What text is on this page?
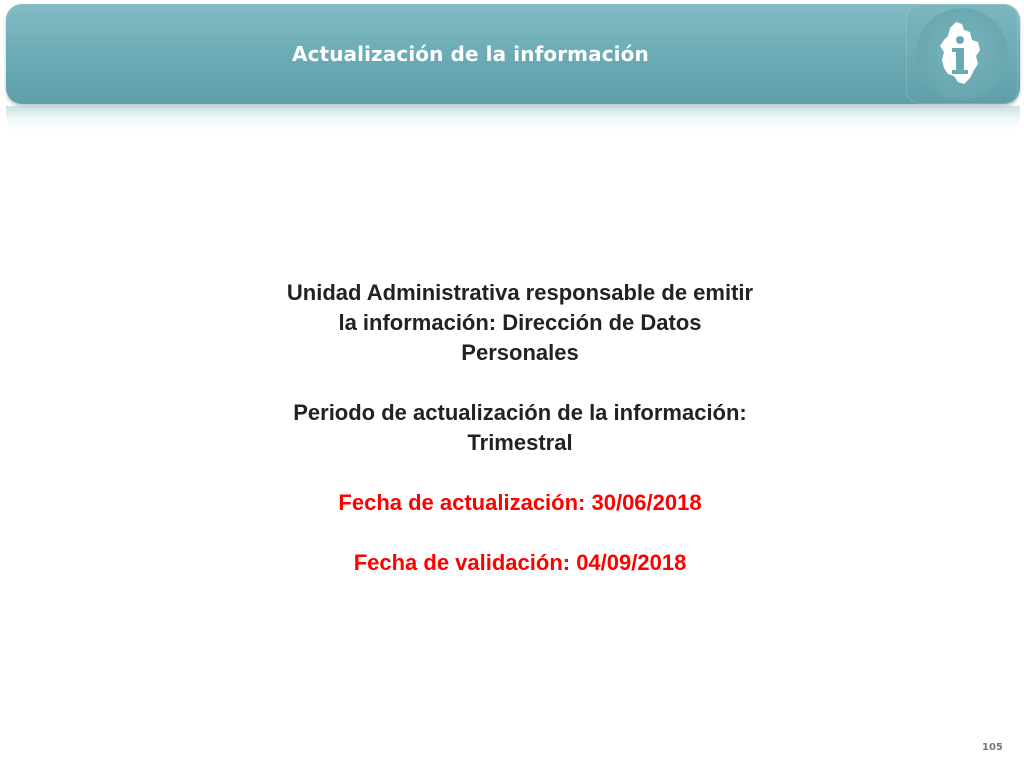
Actualización de la información
Unidad Administrativa responsable de emitir
la información: Dirección de Datos
Personales
Periodo de actualización de la información:
Trimestral
Fecha de actualización: 30/06/2018
Fecha de validación: 04/09/2018
105
